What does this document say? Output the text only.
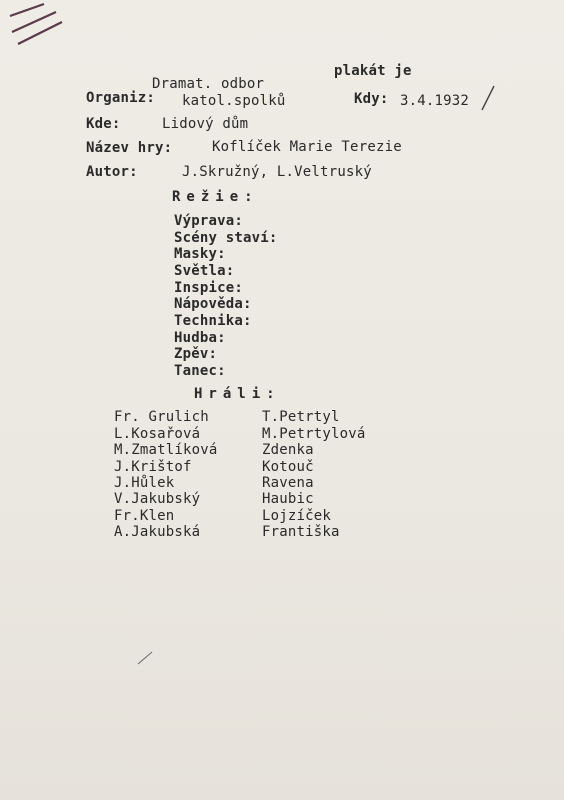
plakát je
Dramat. odbor
Organiz: katol.spolků	Kdy: 3.4.1932
Kde:	Lidový dům
Název hry:	Koflíček Marie Terezie
Autor:	J.Skružný, L.Veltruský
Režie:
Výprava:
Scény staví:
Masky:
Světla:
Inspice:
Nápověda:
Technika:
Hudba:
Zpěv:
Tanec:
Hráli:
Fr. Grulich	T.Petrtyl
L.Kosařová	M.Petrtylová
M.Zmatlíková	Zdenka
J.Krištof	Kotouč
J.Hůlek	Ravena
V.Jakubský	Haubic
Fr.Klen	Lojzíček
A.Jakubská	Františka
